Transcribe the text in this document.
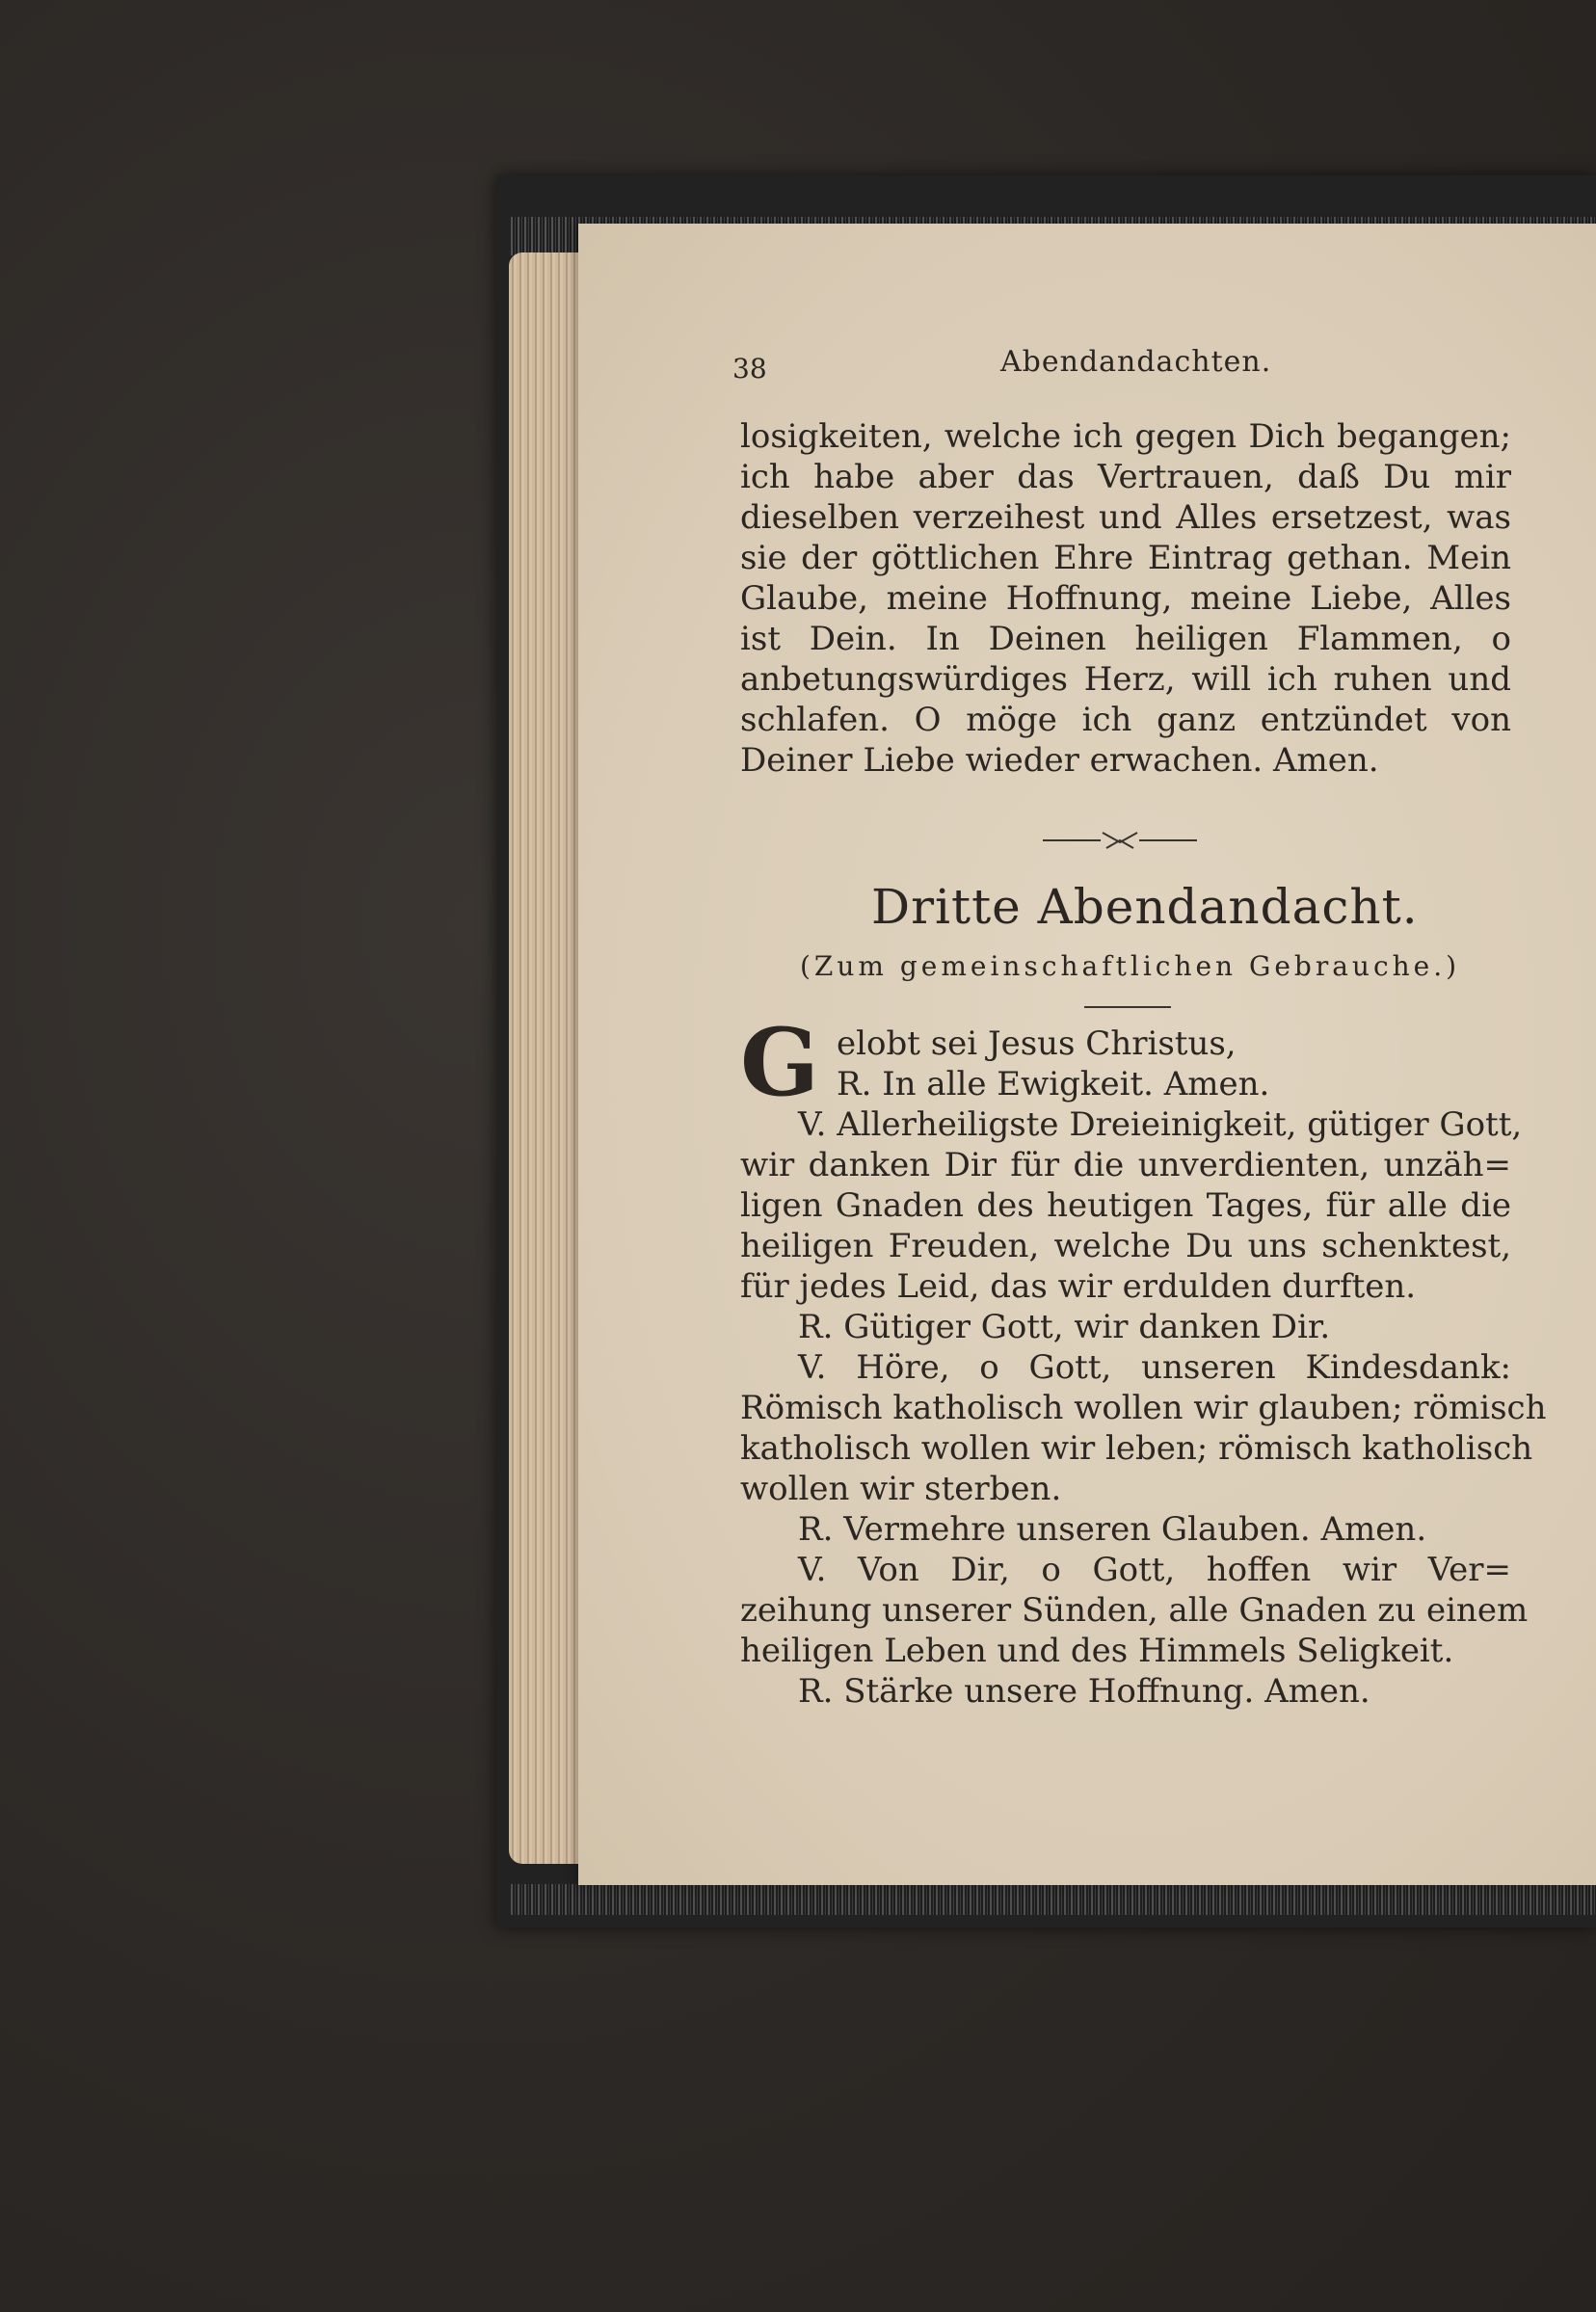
38	Abendandachten.
losigkeiten, welche ich gegen Dich begangen;
ich habe aber das Vertrauen, daß Du mir
dieselben verzeihest und Alles ersetzest, was
sie der göttlichen Ehre Eintrag gethan. Mein
Glaube, meine Hoffnung, meine Liebe, Alles
ist Dein. In Deinen heiligen Flammen, o
anbetungswürdiges Herz, will ich ruhen und
schlafen. O möge ich ganz entzündet von
Deiner Liebe wieder erwachen. Amen.
Dritte Abendandacht.
(Zum gemeinschaftlichen Gebrauche.)
G elobt sei Jesus Christus,
R. In alle Ewigkeit. Amen.
V. Allerheiligste Dreieinigkeit, gütiger Gott,
wir danken Dir für die unverdienten, unzäh=
ligen Gnaden des heutigen Tages, für alle die
heiligen Freuden, welche Du uns schenktest,
für jedes Leid, das wir erdulden durften.
R. Gütiger Gott, wir danken Dir.
V. Höre, o Gott, unseren Kindesdank:
Römisch katholisch wollen wir glauben; römisch
katholisch wollen wir leben; römisch katholisch
wollen wir sterben.
R. Vermehre unseren Glauben. Amen.
V. Von Dir, o Gott, hoffen wir Ver=
zeihung unserer Sünden, alle Gnaden zu einem
heiligen Leben und des Himmels Seligkeit.
R. Stärke unsere Hoffnung. Amen.
